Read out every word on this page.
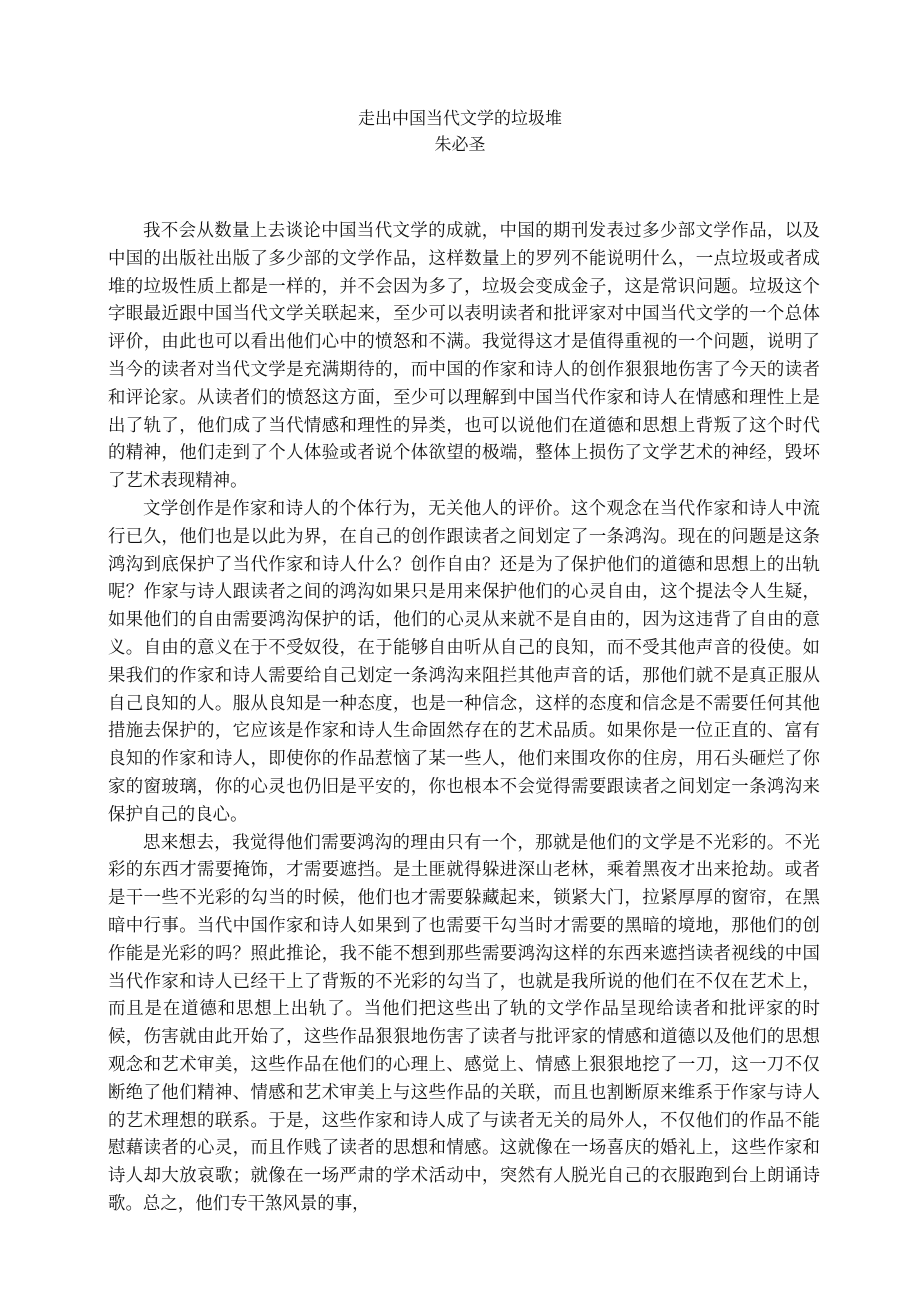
走出中国当代文学的垃圾堆
朱必圣

我不会从数量上去谈论中国当代文学的成就，中国的期刊发表过多少部文学作品，以及中国的出版社出版了多少部的文学作品，这样数量上的罗列不能说明什么，一点垃圾或者成堆的垃圾性质上都是一样的，并不会因为多了，垃圾会变成金子，这是常识问题。垃圾这个字眼最近跟中国当代文学关联起来，至少可以表明读者和批评家对中国当代文学的一个总体评价，由此也可以看出他们心中的愤怒和不满。我觉得这才是值得重视的一个问题，说明了当今的读者对当代文学是充满期待的，而中国的作家和诗人的创作狠狠地伤害了今天的读者和评论家。从读者们的愤怒这方面，至少可以理解到中国当代作家和诗人在情感和理性上是出了轨了，他们成了当代情感和理性的异类，也可以说他们在道德和思想上背叛了这个时代的精神，他们走到了个人体验或者说个体欲望的极端，整体上损伤了文学艺术的神经，毁坏了艺术表现精神。

文学创作是作家和诗人的个体行为，无关他人的评价。这个观念在当代作家和诗人中流行已久，他们也是以此为界，在自己的创作跟读者之间划定了一条鸿沟。现在的问题是这条鸿沟到底保护了当代作家和诗人什么？创作自由？还是为了保护他们的道德和思想上的出轨呢？作家与诗人跟读者之间的鸿沟如果只是用来保护他们的心灵自由，这个提法令人生疑，如果他们的自由需要鸿沟保护的话，他们的心灵从来就不是自由的，因为这违背了自由的意义。自由的意义在于不受奴役，在于能够自由听从自己的良知，而不受其他声音的役使。如果我们的作家和诗人需要给自己划定一条鸿沟来阻拦其他声音的话，那他们就不是真正服从自己良知的人。服从良知是一种态度，也是一种信念，这样的态度和信念是不需要任何其他措施去保护的，它应该是作家和诗人生命固然存在的艺术品质。如果你是一位正直的、富有良知的作家和诗人，即使你的作品惹恼了某一些人，他们来围攻你的住房，用石头砸烂了你家的窗玻璃，你的心灵也仍旧是平安的，你也根本不会觉得需要跟读者之间划定一条鸿沟来保护自己的良心。

思来想去，我觉得他们需要鸿沟的理由只有一个，那就是他们的文学是不光彩的。不光彩的东西才需要掩饰，才需要遮挡。是土匪就得躲进深山老林，乘着黑夜才出来抢劫。或者是干一些不光彩的勾当的时候，他们也才需要躲藏起来，锁紧大门，拉紧厚厚的窗帘，在黑暗中行事。当代中国作家和诗人如果到了也需要干勾当时才需要的黑暗的境地，那他们的创作能是光彩的吗？照此推论，我不能不想到那些需要鸿沟这样的东西来遮挡读者视线的中国当代作家和诗人已经干上了背叛的不光彩的勾当了，也就是我所说的他们在不仅在艺术上，而且是在道德和思想上出轨了。当他们把这些出了轨的文学作品呈现给读者和批评家的时候，伤害就由此开始了，这些作品狠狠地伤害了读者与批评家的情感和道德以及他们的思想观念和艺术审美，这些作品在他们的心理上、感觉上、情感上狠狠地挖了一刀，这一刀不仅断绝了他们精神、情感和艺术审美上与这些作品的关联，而且也割断原来维系于作家与诗人的艺术理想的联系。于是，这些作家和诗人成了与读者无关的局外人，不仅他们的作品不能慰藉读者的心灵，而且作贱了读者的思想和情感。这就像在一场喜庆的婚礼上，这些作家和诗人却大放哀歌；就像在一场严肃的学术活动中，突然有人脱光自己的衣服跑到台上朗诵诗歌。总之，他们专干煞风景的事，
